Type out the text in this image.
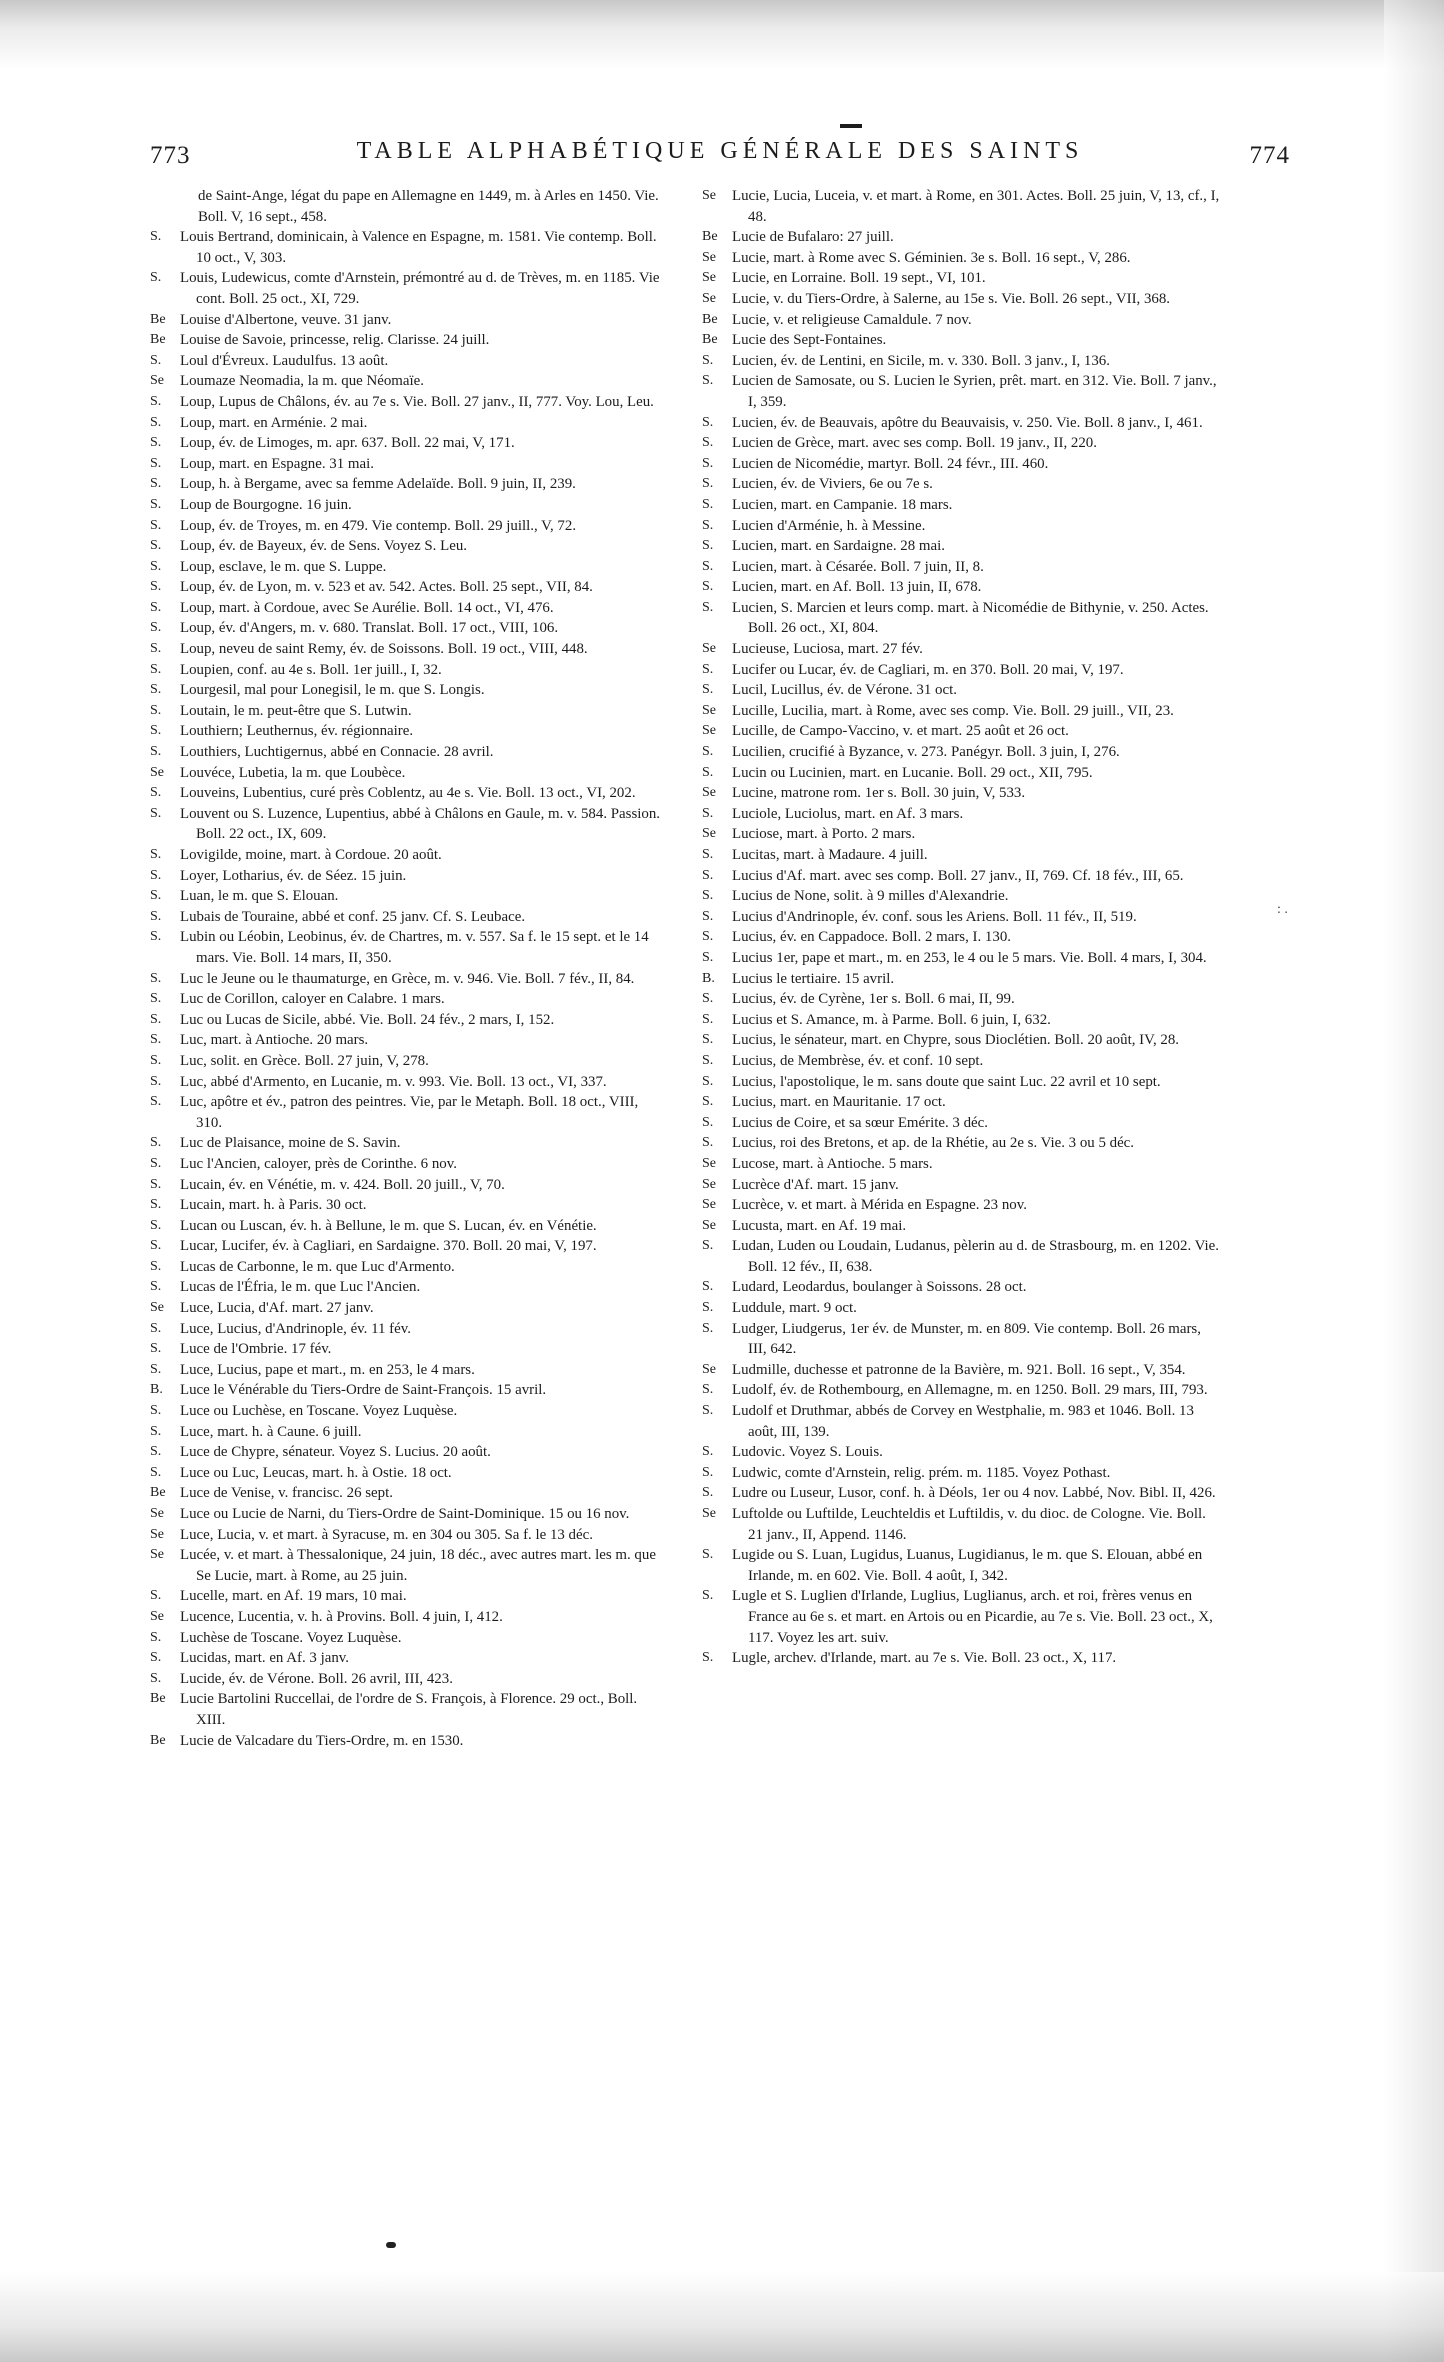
773	TABLE ALPHABÉTIQUE GÉNÉRALE DES SAINTS	774
de Saint-Ange, légat du pape en Allemagne en 1449, m. à Arles en 1450. Vie. Boll. V, 16 sept., 458.
S.	Louis Bertrand, dominicain, à Valence en Espagne, m. 1581. Vie contemp. Boll. 10 oct., V, 303.
S.	Louis, Ludewicus, comte d'Arnstein, prémontré au d. de Trèves, m. en 1185. Vie cont. Boll. 25 oct., XI, 729.
Be Louise d'Albertone, veuve. 31 janv.
Be Louise de Savoie, princesse, relig. Clarisse. 24 juill.
S.	Loul d'Évreux. Laudulfus. 13 août.
Se	Loumaze Neomadia, la m. que Néomaïe.
S.	Loup, Lupus de Châlons, év. au 7e s. Vie. Boll. 27 janv., II, 777. Voy. Lou, Leu.
S.	Loup, mart. en Arménie. 2 mai.
S.	Loup, év. de Limoges, m. apr. 637. Boll. 22 mai, V, 171.
S.	Loup, mart. en Espagne. 31 mai.
S.	Loup, h. à Bergame, avec sa femme Adelaïde. Boll. 9 juin, II, 239.
S.	Loup de Bourgogne. 16 juin.
S.	Loup, év. de Troyes, m. en 479. Vie contemp. Boll. 29 juill., V, 72.
S.	Loup, év. de Bayeux, év. de Sens. Voyez S. Leu.
S.	Loup, esclave, le m. que S. Luppe.
S.	Loup, év. de Lyon, m. v. 523 et av. 542. Actes. Boll. 25 sept., VII, 84.
S.	Loup, mart. à Cordoue, avec Se Aurélie. Boll. 14 oct., VI, 476.
S.	Loup, év. d'Angers, m. v. 680. Translat. Boll. 17 oct., VIII, 106.
S.	Loup, neveu de saint Remy, év. de Soissons. Boll. 19 oct., VIII, 448.
S.	Loupien, conf. au 4e s. Boll. 1er juill., I, 32.
S.	Lourgesil, mal pour Lonegisil, le m. que S. Longis.
S.	Loutain, le m. peut-être que S. Lutwin.
S.	Louthiern; Leuthernus, év. régionnaire.
S.	Louthiers, Luchtigernus, abbé en Connacie. 28 avril.
Se	Louvéce, Lubetia, la m. que Loubèce.
S.	Louveins, Lubentius, curé près Coblentz, au 4e s. Vie. Boll. 13 oct., VI, 202.
S.	Louvent ou S. Luzence, Lupentius, abbé à Châlons en Gaule, m. v. 584. Passion. Boll. 22 oct., IX, 609.
S.	Lovigilde, moine, mart. à Cordoue. 20 août.
S.	Loyer, Lotharius, év. de Séez. 15 juin.
S.	Luan, le m. que S. Elouan.
S.	Lubais de Touraine, abbé et conf. 25 janv. Cf. S. Leubace.
S.	Lubin ou Léobin, Leobinus, év. de Chartres, m. v. 557. Sa f. le 15 sept. et le 14 mars. Vie. Boll. 14 mars, II, 350.
S.	Luc le Jeune ou le thaumaturge, en Grèce, m. v. 946. Vie. Boll. 7 fév., II, 84.
S.	Luc de Corillon, caloyer en Calabre. 1 mars.
S.	Luc ou Lucas de Sicile, abbé. Vie. Boll. 24 fév., 2 mars, I, 152.
S.	Luc, mart. à Antioche. 20 mars.
S.	Luc, solit. en Grèce. Boll. 27 juin, V, 278.
S.	Luc, abbé d'Armento, en Lucanie, m. v. 993. Vie. Boll. 13 oct., VI, 337.
S.	Luc, apôtre et év., patron des peintres. Vie, par le Metaph. Boll. 18 oct., VIII, 310.
S.	Luc de Plaisance, moine de S. Savin.
S.	Luc l'Ancien, caloyer, près de Corinthe. 6 nov.
S.	Lucain, év. en Vénétie, m. v. 424. Boll. 20 juill., V, 70.
S.	Lucain, mart. h. à Paris. 30 oct.
S.	Lucan ou Luscan, év. h. à Bellune, le m. que S. Lucan, év. en Vénétie.
S.	Lucar, Lucifer, év. à Cagliari, en Sardaigne. 370. Boll. 20 mai, V, 197.
S.	Lucas de Carbonne, le m. que Luc d'Armento.
S.	Lucas de l'Éfria, le m. que Luc l'Ancien.
Se	Luce, Lucia, d'Af. mart. 27 janv.
S.	Luce, Lucius, d'Andrinople, év. 11 fév.
S.	Luce de l'Ombrie. 17 fév.
S.	Luce, Lucius, pape et mart., m. en 253, le 4 mars.
B.	Luce le Vénérable du Tiers-Ordre de Saint-François. 15 avril.
S.	Luce ou Luchèse, en Toscane. Voyez Luquèse.
S.	Luce, mart. h. à Caune. 6 juill.
S.	Luce de Chypre, sénateur. Voyez S. Lucius. 20 août.
S.	Luce ou Luc, Leucas, mart. h. à Ostie. 18 oct.
Be Luce de Venise, v. francisc. 26 sept.
Se	Luce ou Lucie de Narni, du Tiers-Ordre de Saint-Dominique. 15 ou 16 nov.
Se	Luce, Lucia, v. et mart. à Syracuse, m. en 304 ou 305. Sa f. le 13 déc.
Se	Lucée, v. et mart. à Thessalonique, 24 juin, 18 déc., avec autres mart. les m. que Se Lucie, mart. à Rome, au 25 juin.
S.	Lucelle, mart. en Af. 19 mars, 10 mai.
Se	Lucence, Lucentia, v. h. à Provins. Boll. 4 juin, I, 412.
S.	Luchèse de Toscane. Voyez Luquèse.
S.	Lucidas, mart. en Af. 3 janv.
S.	Lucide, év. de Vérone. Boll. 26 avril, III, 423.
Be Lucie Bartolini Ruccellai, de l'ordre de S. François, à Florence. 29 oct., Boll. XIII.
Be Lucie de Valcadare du Tiers-Ordre, m. en 1530.
Se	Lucie, Lucia, Luceia, v. et mart. à Rome, en 301. Actes. Boll. 25 juin, V, 13, cf., I, 48.
Be Lucie de Bufalaro: 27 juill.
Se	Lucie, mart. à Rome avec S. Géminien. 3e s. Boll. 16 sept., V, 286.
Se	Lucie, en Lorraine. Boll. 19 sept., VI, 101.
Se	Lucie, v. du Tiers-Ordre, à Salerne, au 15e s. Vie. Boll. 26 sept., VII, 368.
Be Lucie, v. et religieuse Camaldule. 7 nov.
Be Lucie des Sept-Fontaines.
S.	Lucien, év. de Lentini, en Sicile, m. v. 330. Boll. 3 janv., I, 136.
S.	Lucien de Samosate, ou S. Lucien le Syrien, prêt. mart. en 312. Vie. Boll. 7 janv., I, 359.
S.	Lucien, év. de Beauvais, apôtre du Beauvaisis, v. 250. Vie. Boll. 8 janv., I, 461.
S.	Lucien de Grèce, mart. avec ses comp. Boll. 19 janv., II, 220.
S.	Lucien de Nicomédie, martyr. Boll. 24 févr., III. 460.
S.	Lucien, év. de Viviers, 6e ou 7e s.
S.	Lucien, mart. en Campanie. 18 mars.
S.	Lucien d'Arménie, h. à Messine.
S.	Lucien, mart. en Sardaigne. 28 mai.
S.	Lucien, mart. à Césarée. Boll. 7 juin, II, 8.
S.	Lucien, mart. en Af. Boll. 13 juin, II, 678.
S.	Lucien, S. Marcien et leurs comp. mart. à Nicomédie de Bithynie, v. 250. Actes. Boll. 26 oct., XI, 804.
Se	Lucieuse, Luciosa, mart. 27 fév.
S.	Lucifer ou Lucar, év. de Cagliari, m. en 370. Boll. 20 mai, V, 197.
S.	Lucil, Lucillus, év. de Vérone. 31 oct.
Se	Lucille, Lucilia, mart. à Rome, avec ses comp. Vie. Boll. 29 juill., VII, 23.
Se	Lucille, de Campo-Vaccino, v. et mart. 25 août et 26 oct.
S.	Lucilien, crucifié à Byzance, v. 273. Panégyr. Boll. 3 juin, I, 276.
S.	Lucin ou Lucinien, mart. en Lucanie. Boll. 29 oct., XII, 795.
Se	Lucine, matrone rom. 1er s. Boll. 30 juin, V, 533.
S.	Luciole, Luciolus, mart. en Af. 3 mars.
Se	Luciose, mart. à Porto. 2 mars.
S.	Lucitas, mart. à Madaure. 4 juill.
S.	Lucius d'Af. mart. avec ses comp. Boll. 27 janv., II, 769. Cf. 18 fév., III, 65.
S.	Lucius de None, solit. à 9 milles d'Alexandrie.
S.	Lucius d'Andrinople, év. conf. sous les Ariens. Boll. 11 fév., II, 519.
S.	Lucius, év. en Cappadoce. Boll. 2 mars, I. 130.
S.	Lucius 1er, pape et mart., m. en 253, le 4 ou le 5 mars. Vie. Boll. 4 mars, I, 304.
B.	Lucius le tertiaire. 15 avril.
S.	Lucius, év. de Cyrène, 1er s. Boll. 6 mai, II, 99.
S.	Lucius et S. Amance, m. à Parme. Boll. 6 juin, I, 632.
S.	Lucius, le sénateur, mart. en Chypre, sous Dioclétien. Boll. 20 août, IV, 28.
S.	Lucius, de Membrèse, év. et conf. 10 sept.
S.	Lucius, l'apostolique, le m. sans doute que saint Luc. 22 avril et 10 sept.
S.	Lucius, mart. en Mauritanie. 17 oct.
S.	Lucius de Coire, et sa sœur Emérite. 3 déc.
S.	Lucius, roi des Bretons, et ap. de la Rhétie, au 2e s. Vie. 3 ou 5 déc.
Se	Lucose, mart. à Antioche. 5 mars.
Se	Lucrèce d'Af. mart. 15 janv.
Se	Lucrèce, v. et mart. à Mérida en Espagne. 23 nov.
Se	Lucusta, mart. en Af. 19 mai.
S.	Ludan, Luden ou Loudain, Ludanus, pèlerin au d. de Strasbourg, m. en 1202. Vie. Boll. 12 fév., II, 638.
S.	Ludard, Leodardus, boulanger à Soissons. 28 oct.
S.	Luddule, mart. 9 oct.
S.	Ludger, Liudgerus, 1er év. de Munster, m. en 809. Vie contemp. Boll. 26 mars, III, 642.
Se	Ludmille, duchesse et patronne de la Bavière, m. 921. Boll. 16 sept., V, 354.
S.	Ludolf, év. de Rothembourg, en Allemagne, m. en 1250. Boll. 29 mars, III, 793.
S.	Ludolf et Druthmar, abbés de Corvey en Westphalie, m. 983 et 1046. Boll. 13 août, III, 139.
S.	Ludovic. Voyez S. Louis.
S.	Ludwic, comte d'Arnstein, relig. prém. m. 1185. Voyez Pothast.
S.	Ludre ou Luseur, Lusor, conf. h. à Déols, 1er ou 4 nov. Labbé, Nov. Bibl. II, 426.
Se	Luftolde ou Luftilde, Leuchteldis et Luftildis, v. du dioc. de Cologne. Vie. Boll. 21 janv., II, Append. 1146.
S.	Lugide ou S. Luan, Lugidus, Luanus, Lugidianus, le m. que S. Elouan, abbé en Irlande, m. en 602. Vie. Boll. 4 août, I, 342.
S.	Lugle et S. Luglien d'Irlande, Luglius, Luglianus, arch. et roi, frères venus en France au 6e s. et mart. en Artois ou en Picardie, au 7e s. Vie. Boll. 23 oct., X, 117. Voyez les art. suiv.
S.	Lugle, archev. d'Irlande, mart. au 7e s. Vie. Boll. 23 oct., X, 117.
: .
